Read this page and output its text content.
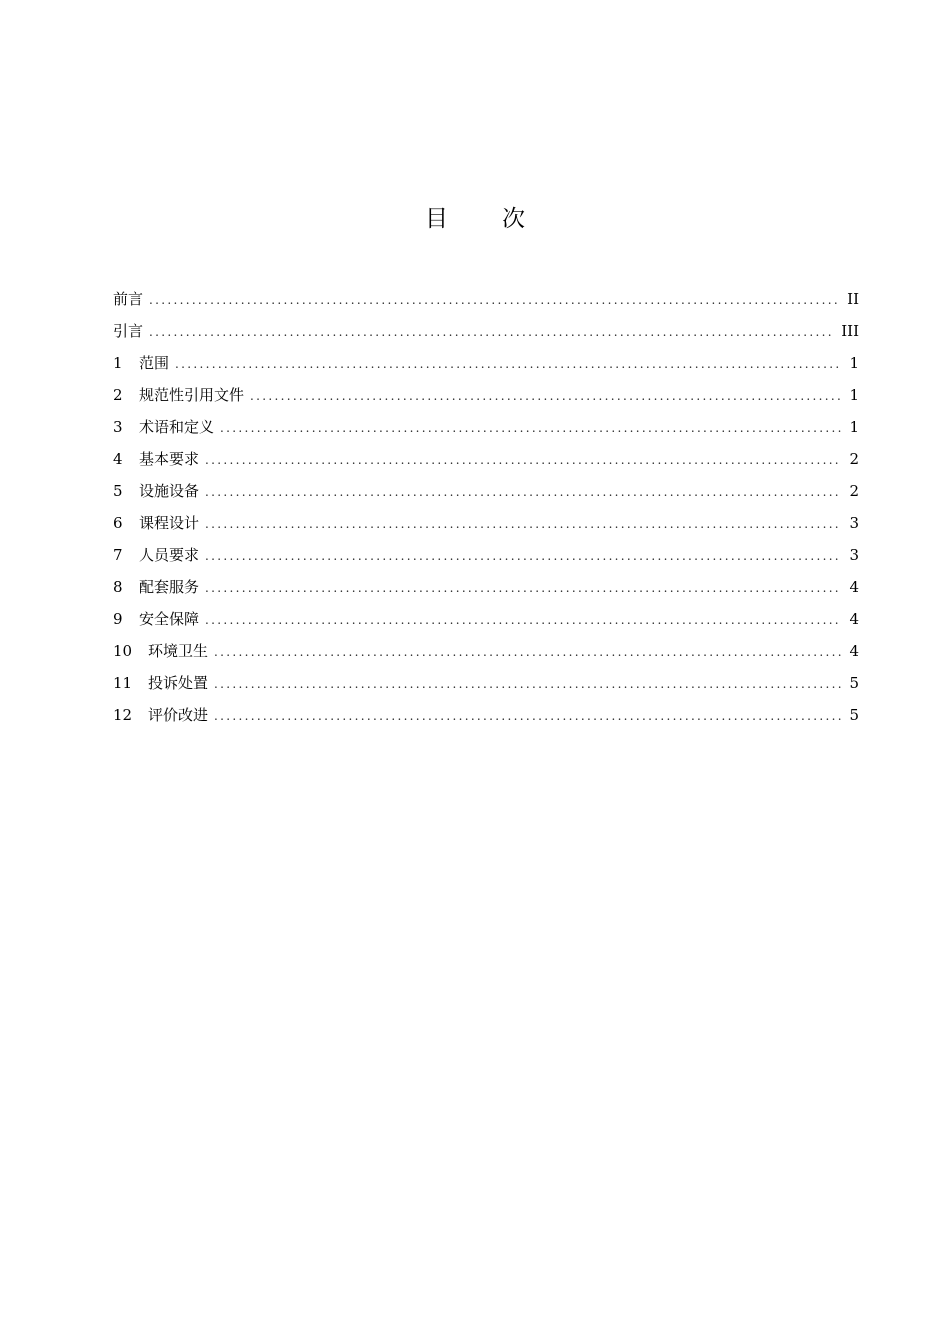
目 次
前言 .....	II
引言 .....	III
1	范围 .....	1
2	规范性引用文件 .....	1
3	术语和定义 .....	1
4	基本要求 .....	2
5	设施设备 .....	2
6	课程设计 .....	3
7	人员要求 .....	3
8	配套服务 .....	4
9	安全保障 .....	4
10	环境卫生 .....	4
11	投诉处置 .....	5
12	评价改进 .....	5
